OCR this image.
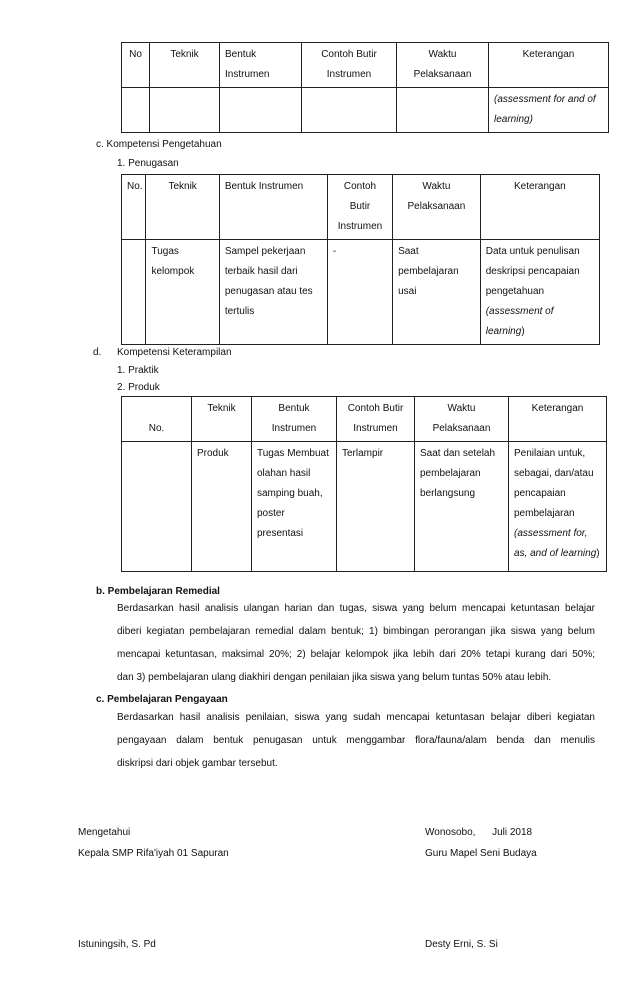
No	Teknik	Bentuk Instrumen	Contoh Butir Instrumen	Waktu Pelaksanaan	Keterangan
					(assessment for and of learning)
c. Kompetensi Pengetahuan
1. Penugasan
No.	Teknik	Bentuk Instrumen	Contoh Butir Instrumen	Waktu Pelaksanaan	Keterangan
	Tugas kelompok	Sampel pekerjaan terbaik hasil dari penugasan atau tes tertulis	-	Saat pembelajaran usai	Data untuk penulisan deskripsi pencapaian pengetahuan (assessment of learning)
d. Kompetensi Keterampilan
1. Praktik
2. Produk
No.	Teknik	Bentuk Instrumen	Contoh Butir Instrumen	Waktu Pelaksanaan	Keterangan
	Produk	Tugas Membuat olahan hasil samping buah, poster presentasi	Terlampir	Saat dan setelah pembelajaran berlangsung	Penilaian untuk, sebagai, dan/atau pencapaian pembelajaran (assessment for, as, and of learning)
b. Pembelajaran Remedial
Berdasarkan hasil analisis ulangan harian dan tugas, siswa yang belum mencapai ketuntasan belajar
diberi kegiatan pembelajaran remedial dalam bentuk; 1) bimbingan perorangan jika siswa yang belum
mencapai ketuntasan, maksimal 20%; 2) belajar kelompok jika lebih dari 20% tetapi kurang dari 50%;
dan 3) pembelajaran ulang diakhiri dengan penilaian jika siswa yang belum tuntas 50% atau lebih.
c. Pembelajaran Pengayaan
Berdasarkan hasil analisis penilaian, siswa yang sudah mencapai ketuntasan belajar diberi kegiatan
pengayaan dalam bentuk penugasan untuk menggambar flora/fauna/alam benda dan menulis
diskripsi dari objek gambar tersebut.
Mengetahui
Kepala SMP Rifa'iyah 01 Sapuran
Istuningsih, S. Pd
Wonosobo,      Juli 2018
Guru Mapel Seni Budaya
Desty Erni, S. Si
